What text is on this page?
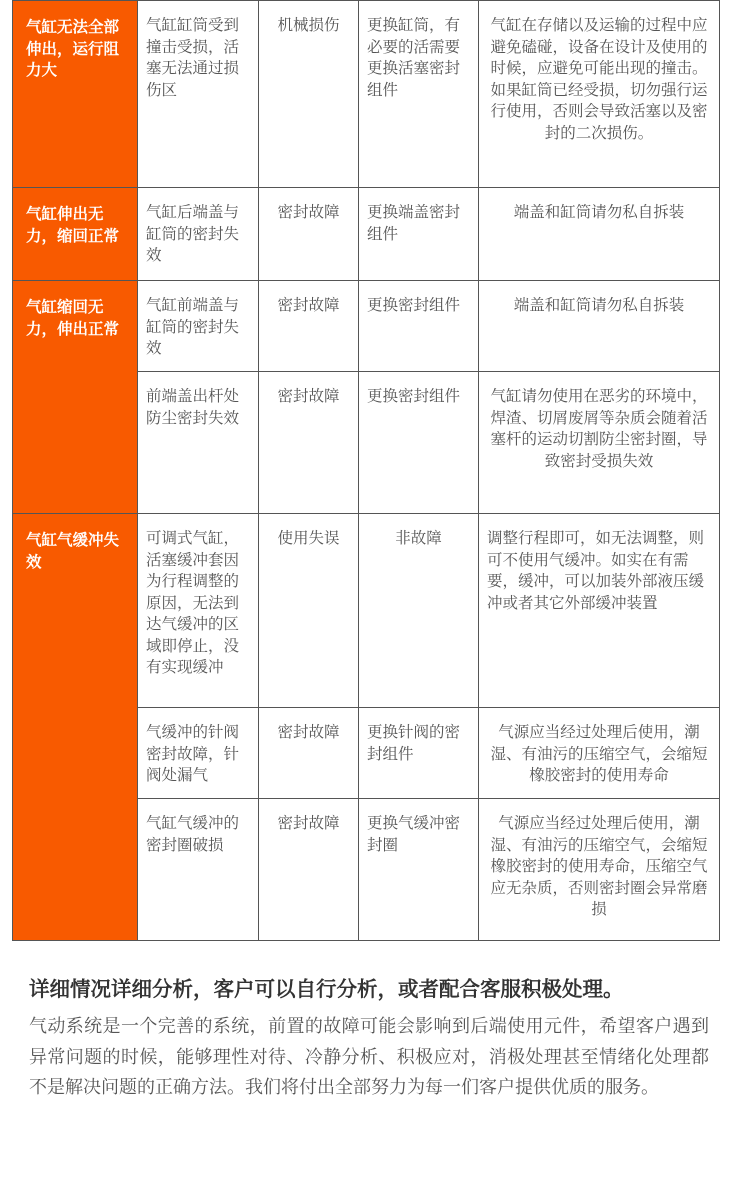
气缸无法全部伸出，运行阻力大	气缸缸筒受到撞击受损，活塞无法通过损伤区	机械损伤	更换缸筒，有必要的活需要更换活塞密封组件	气缸在存储以及运输的过程中应避免磕碰，设备在设计及使用的时候，应避免可能出现的撞击。如果缸筒已经受损，切勿强行运行使用，否则会导致活塞以及密封的二次损伤。
气缸伸出无力，缩回正常	气缸后端盖与缸筒的密封失效	密封故障	更换端盖密封组件	端盖和缸筒请勿私自拆装
气缸缩回无力，伸出正常	气缸前端盖与缸筒的密封失效	密封故障	更换密封组件	端盖和缸筒请勿私自拆装
	前端盖出杆处防尘密封失效	密封故障	更换密封组件	气缸请勿使用在恶劣的环境中，焊渣、切屑废屑等杂质会随着活塞杆的运动切割防尘密封圈，导致密封受损失效
气缸气缓冲失效	可调式气缸，活塞缓冲套因为行程调整的原因，无法到达气缓冲的区域即停止，没有实现缓冲	使用失误	非故障	调整行程即可，如无法调整，则可不使用气缓冲。如实在有需要，缓冲，可以加装外部液压缓冲或者其它外部缓冲装置
	气缓冲的针阀密封故障，针阀处漏气	密封故障	更换针阀的密封组件	气源应当经过处理后使用，潮湿、有油污的压缩空气，会缩短橡胶密封的使用寿命
	气缸气缓冲的密封圈破损	密封故障	更换气缓冲密封圈	气源应当经过处理后使用，潮湿、有油污的压缩空气，会缩短橡胶密封的使用寿命，压缩空气应无杂质，否则密封圈会异常磨损
详细情况详细分析，客户可以自行分析，或者配合客服积极处理。
气动系统是一个完善的系统，前置的故障可能会影响到后端使用元件，希望客户遇到异常问题的时候，能够理性对待、冷静分析、积极应对，消极处理甚至情绪化处理都不是解决问题的正确方法。我们将付出全部努力为每一们客户提供优质的服务。
